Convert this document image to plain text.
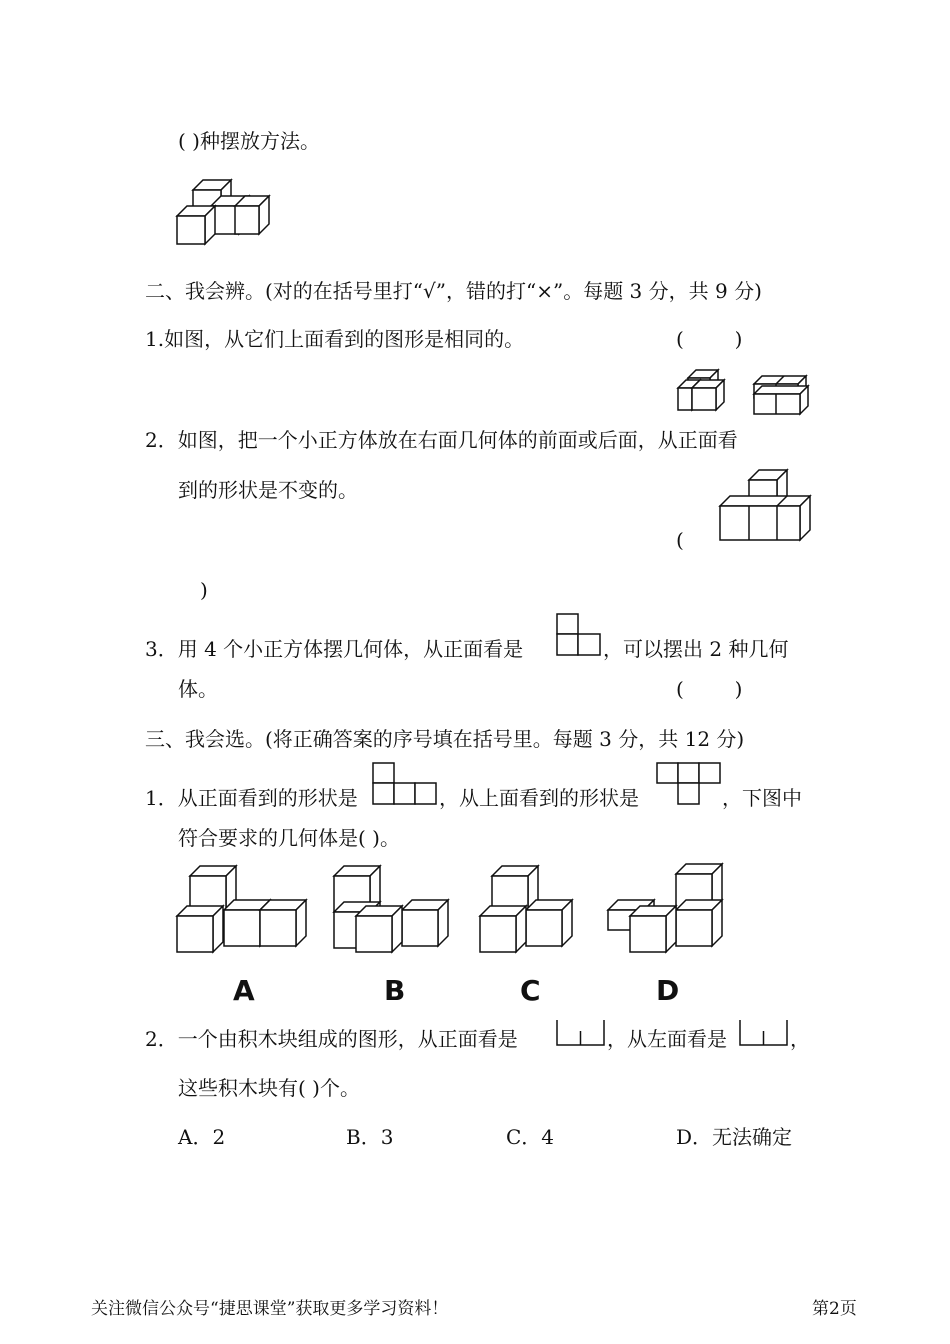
( )种摆放方法。
二、我会辨。(对的在括号里打“√”，错的打“×”。每题 3 分，共 9 分)
1.如图，从它们上面看到的图形是相同的。	(        )
2．如图，把一个小正方体放在右面几何体的前面或后面，从正面看
到的形状是不变的。
(
)
3．用 4 个小正方体摆几何体，从正面看是	，可以摆出 2 种几何
体。	(        )
三、我会选。(将正确答案的序号填在括号里。每题 3 分，共 12 分)
1．从正面看到的形状是	，从上面看到的形状是	，下图中
符合要求的几何体是( )。
A	B	C	D
2．一个由积木块组成的图形，从正面看是	，从左面看是	，
这些积木块有( )个。
A．2	B．3	C．4	D．无法确定
关注微信公众号“捷思课堂”获取更多学习资料！	第2页
